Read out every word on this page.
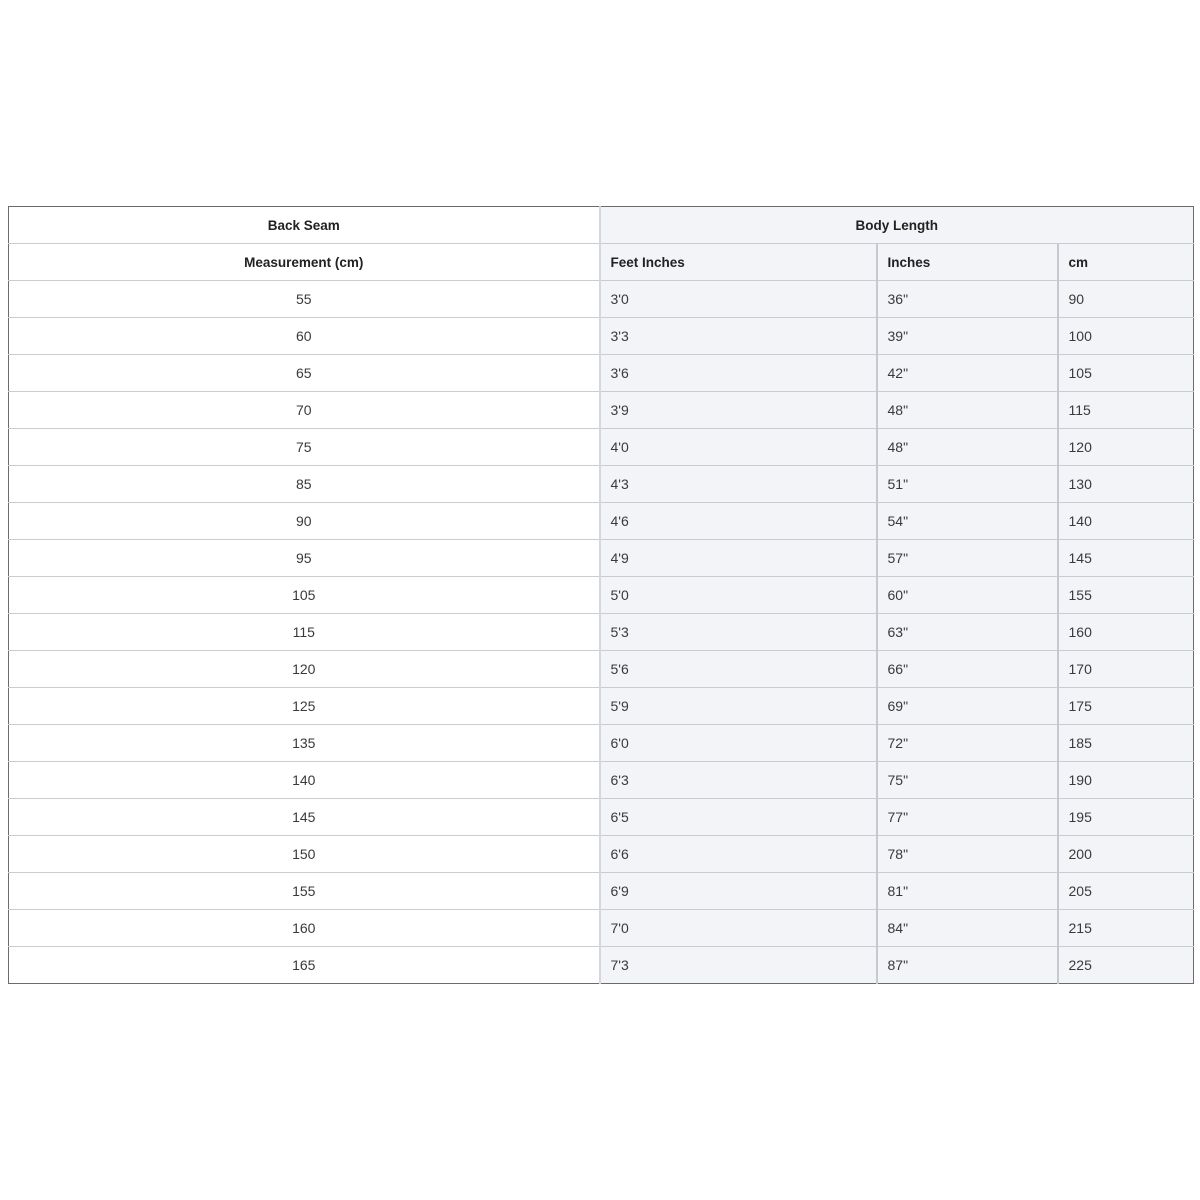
Back Seam	Body Length		
Measurement (cm)	Feet Inches	Inches	cm
55	3'0	36"	90
60	3'3	39"	100
65	3'6	42"	105
70	3'9	48"	115
75	4'0	48"	120
85	4'3	51"	130
90	4'6	54"	140
95	4'9	57"	145
105	5'0	60"	155
115	5'3	63"	160
120	5'6	66"	170
125	5'9	69"	175
135	6'0	72"	185
140	6'3	75"	190
145	6'5	77"	195
150	6'6	78"	200
155	6'9	81"	205
160	7'0	84"	215
165	7'3	87"	225
